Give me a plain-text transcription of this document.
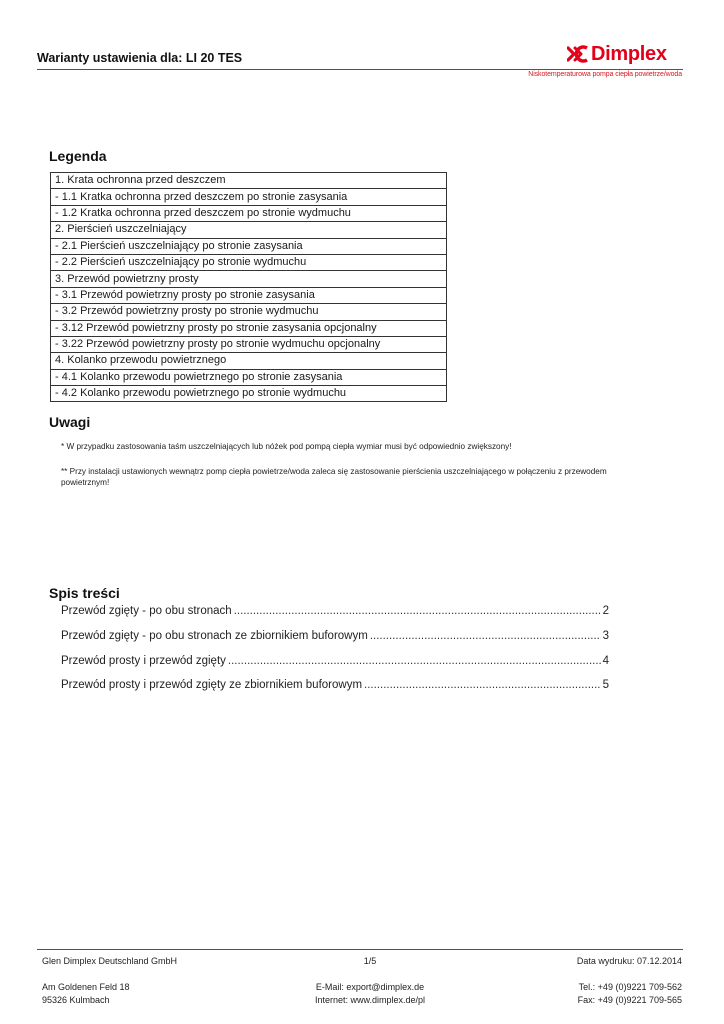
Warianty ustawienia dla: LI 20 TES	Dimplex
Niskotemperaturowa pompa ciepła powietrze/woda
Legenda
1. Krata ochronna przed deszczem
- 1.1 Kratka ochronna przed deszczem po stronie zasysania
- 1.2 Kratka ochronna przed deszczem po stronie wydmuchu
2. Pierścień uszczelniający
- 2.1 Pierścień uszczelniający po stronie zasysania
- 2.2 Pierścień uszczelniający po stronie wydmuchu
3. Przewód powietrzny prosty
- 3.1 Przewód powietrzny prosty po stronie zasysania
- 3.2 Przewód powietrzny prosty po stronie wydmuchu
- 3.12 Przewód powietrzny prosty po stronie zasysania opcjonalny
- 3.22 Przewód powietrzny prosty po stronie wydmuchu opcjonalny
4. Kolanko przewodu powietrznego
- 4.1 Kolanko przewodu powietrznego po stronie zasysania
- 4.2 Kolanko przewodu powietrznego po stronie wydmuchu
Uwagi
* W przypadku zastosowania taśm uszczelniających lub nóżek pod pompą ciepła wymiar musi być odpowiednio zwiększony!
** Przy instalacji ustawionych wewnątrz pomp ciepła powietrze/woda zaleca się zastosowanie pierścienia uszczelniającego w połączeniu z przewodem powietrznym!
Spis treści
Przewód zgięty - po obu stronach .....	2
Przewód zgięty - po obu stronach ze zbiornikiem buforowym .....	3
Przewód prosty i przewód zgięty .....	4
Przewód prosty i przewód zgięty ze zbiornikiem buforowym .....	5
Glen Dimplex Deutschland GmbH	1/5	Data wydruku: 07.12.2014
Am Goldenen Feld 18
95326 Kulmbach
E-Mail: export@dimplex.de
Internet: www.dimplex.de/pl
Tel.: +49 (0)9221 709-562
Fax: +49 (0)9221 709-565
